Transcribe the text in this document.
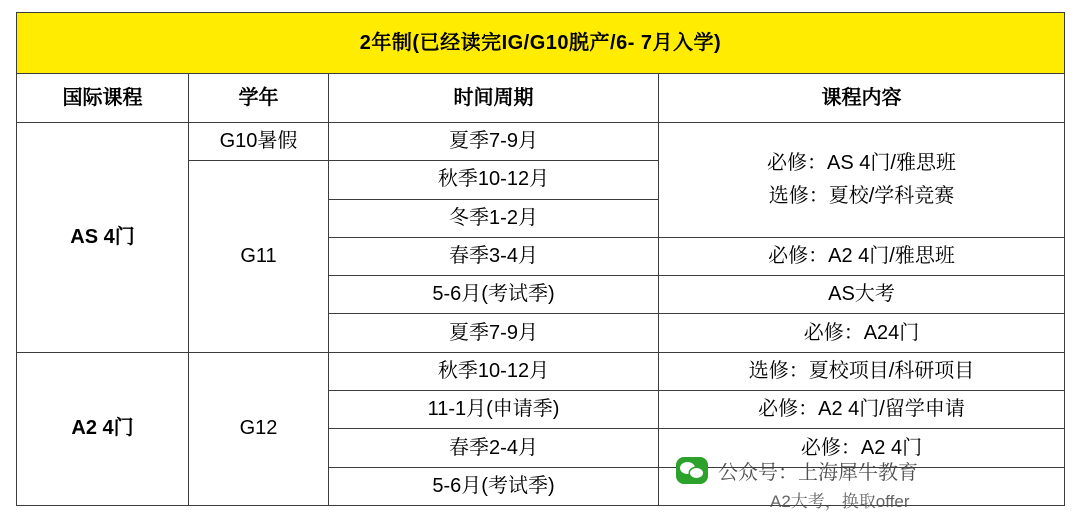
2年制(已经读完IG/G10脱产/6- 7月入学)			
国际课程	学年	时间周期	课程内容
AS 4门	G10暑假	夏季7-9月	必修：AS 4门/雅思班
选修：夏校/学科竞赛

	G11	秋季10-12月	
		冬季1-2月	
		春季3-4月	必修：A2 4门/雅思班
		5-6月(考试季)	AS大考
		夏季7-9月	必修：A24门
A2 4门	G12	秋季10-12月	选修：夏校项目/科研项目
		11-1月(申请季)	必修：A2 4门/留学申请
		春季2-4月	必修：A2 4门
		5-6月(考试季)	
公众号：上海犀牛教育
A2大考，换取offer
